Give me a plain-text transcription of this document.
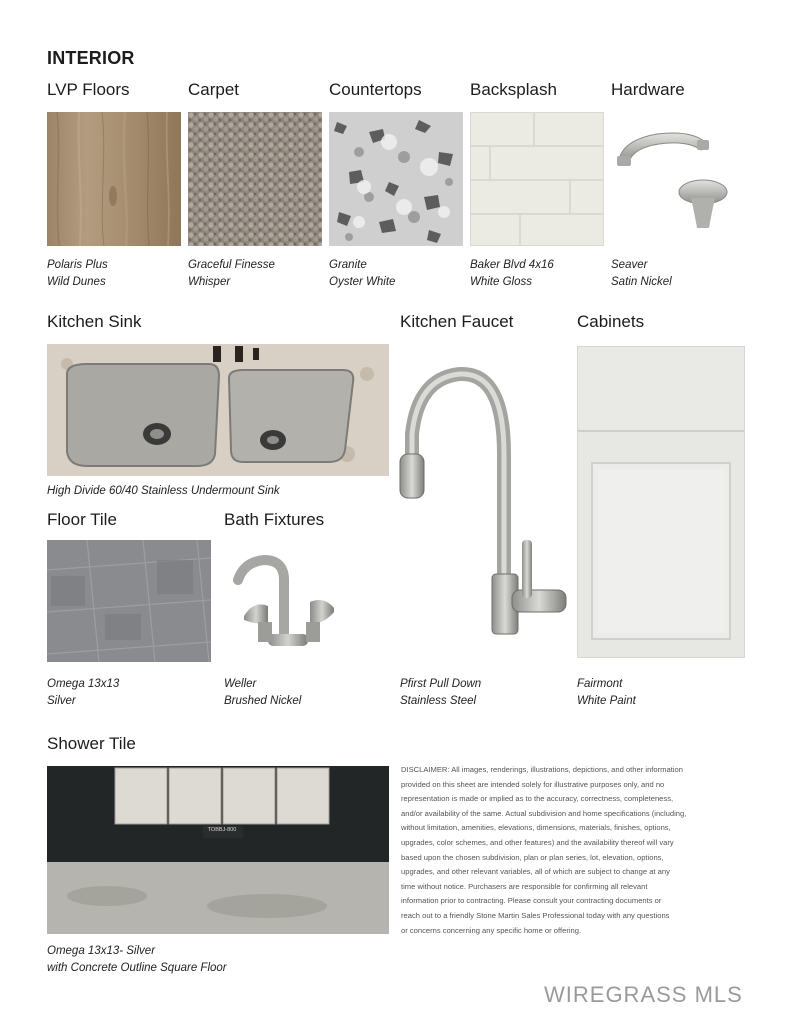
INTERIOR
LVP Floors	Carpet	Countertops	Backsplash	Hardware
Polaris Plus
Wild Dunes
Graceful Finesse
Whisper
Granite
Oyster White
Baker Blvd 4x16
White Gloss
Seaver
Satin Nickel
Kitchen Sink
High Divide 60/40 Stainless Undermount Sink
Kitchen Faucet
Pfirst Pull Down
Stainless Steel
Cabinets
Fairmont
White Paint
Floor Tile
Omega 13x13
Silver
Bath Fixtures
Weller
Brushed Nickel
Shower Tile
TOBBJ-800
Omega 13x13- Silver
with Concrete Outline Square Floor
DISCLAIMER: All images, renderings, illustrations, depictions, and other information
provided on this sheet are intended solely for illustrative purposes only, and no
representation is made or implied as to the accuracy, correctness, completeness,
and/or availability of the same. Actual subdivision and home specifications (including,
without limitation, amenities, elevations, dimensions, materials, finishes, options,
upgrades, color schemes, and other features) and the availability thereof will vary
based upon the chosen subdivision, plan or plan series, lot, elevation, options,
upgrades, and other relevant variables, all of which are subject to change at any
time without notice. Purchasers are responsible for confirming all relevant
information prior to contracting. Please consult your contracting documents or
reach out to a friendly Stone Martin Sales Professional today with any questions
or concerns concerning any specific home or offering.
WIREGRASS MLS
